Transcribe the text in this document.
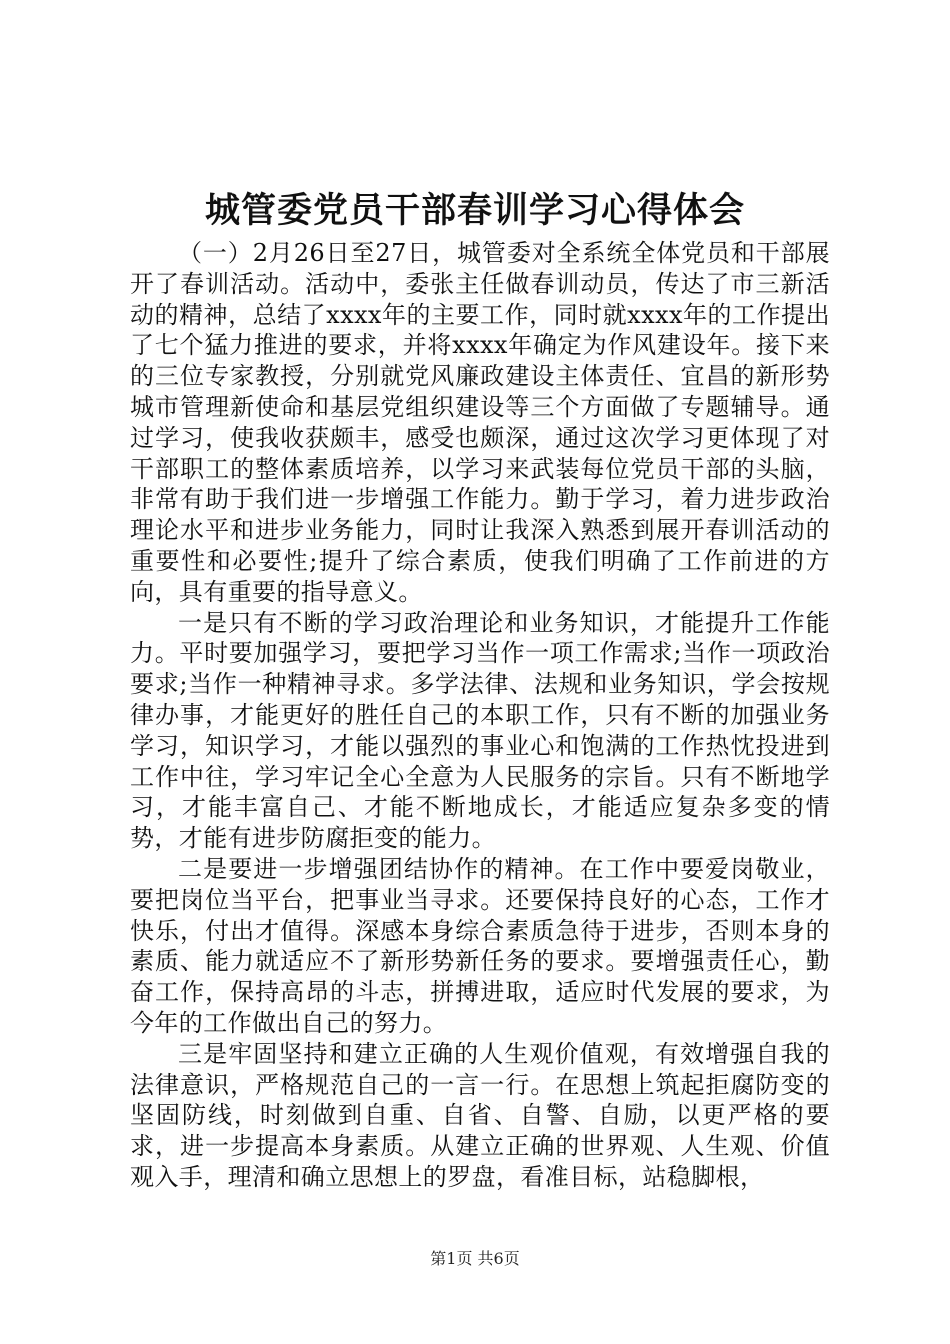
城管委党员干部春训学习心得体会

（一）2月26日至27日，城管委对全系统全体党员和干部展开了春训活动。活动中，委张主任做春训动员，传达了市三新活动的精神，总结了xxxx年的主要工作，同时就xxxx年的工作提出了七个猛力推进的要求，并将xxxx年确定为作风建设年。接下来的三位专家教授，分别就党风廉政建设主体责任、宜昌的新形势城市管理新使命和基层党组织建设等三个方面做了专题辅导。通过学习，使我收获颇丰，感受也颇深，通过这次学习更体现了对干部职工的整体素质培养，以学习来武装每位党员干部的头脑，非常有助于我们进一步增强工作能力。勤于学习，着力进步政治理论水平和进步业务能力，同时让我深入熟悉到展开春训活动的重要性和必要性;提升了综合素质，使我们明确了工作前进的方向，具有重要的指导意义。

一是只有不断的学习政治理论和业务知识，才能提升工作能力。平时要加强学习，要把学习当作一项工作需求;当作一项政治要求;当作一种精神寻求。多学法律、法规和业务知识，学会按规律办事，才能更好的胜任自己的本职工作，只有不断的加强业务学习，知识学习，才能以强烈的事业心和饱满的工作热忱投进到工作中往，学习牢记全心全意为人民服务的宗旨。只有不断地学习，才能丰富自己、才能不断地成长，才能适应复杂多变的情势，才能有进步防腐拒变的能力。

二是要进一步增强团结协作的精神。在工作中要爱岗敬业，要把岗位当平台，把事业当寻求。还要保持良好的心态，工作才快乐，付出才值得。深感本身综合素质急待于进步，否则本身的素质、能力就适应不了新形势新任务的要求。要增强责任心，勤奋工作，保持高昂的斗志，拼搏进取，适应时代发展的要求，为今年的工作做出自己的努力。

三是牢固坚持和建立正确的人生观价值观，有效增强自我的法律意识，严格规范自己的一言一行。在思想上筑起拒腐防变的坚固防线，时刻做到自重、自省、自警、自励，以更严格的要求，进一步提高本身素质。从建立正确的世界观、人生观、价值观入手，理清和确立思想上的罗盘，看准目标，站稳脚根，

第1页 共6页
